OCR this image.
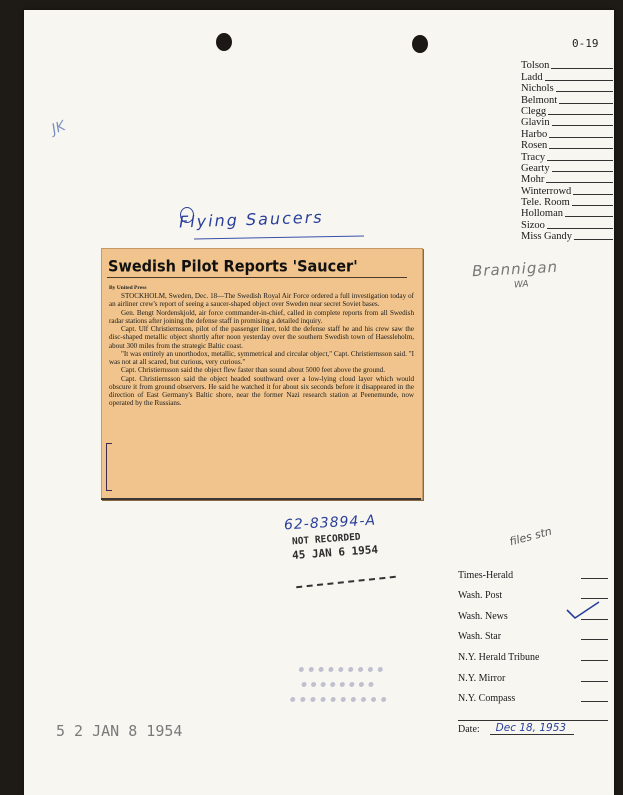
0-19
Tolson
Ladd
Nichols
Belmont
Clegg
Glavin
Harbo
Rosen
Tracy
Gearty
Mohr
Winterrowd
Tele. Room
Holloman
Sizoo
Miss Gandy
JK
Flying Saucers
Brannigan
WA
Swedish Pilot Reports 'Saucer'
By United Press

STOCKHOLM, Sweden, Dec. 18—The Swedish Royal Air Force ordered a full investigation today of an airliner crew's report of seeing a saucer-shaped object over Sweden near secret Soviet bases.

Gen. Bengt Nordenskjold, air force commander-in-chief, called in complete reports from all Swedish radar stations after joining the defense staff in promising a detailed inquiry.

Capt. Ulf Christiernsson, pilot of the passenger liner, told the defense staff he and his crew saw the disc-shaped metallic object shortly after noon yesterday over the southern Swedish town of Haessleholm, about 300 miles from the strategic Baltic coast.

"It was entirely an unorthodox, metallic, symmetrical and circular object," Capt. Christiernsson said. "I was not at all scared, but curious, very curious."

Capt. Christiernsson said the object flew faster than sound about 5000 feet above the ground.

Capt. Christiernsson said the object headed southward over a low-lying cloud layer which would obscure it from ground observers. He said he watched it for about six seconds before it disappeared in the direction of East Germany's Baltic shore, near the former Nazi research station at Peenemunde, now operated by the Russians.

62-83894-A
files stn
NOT RECORDED
45 JAN 6 1954
5 2 JAN 8 1954
Times-Herald
Wash. Post
Wash. News
Wash. Star
N.Y. Herald Tribune
N.Y. Mirror
N.Y. Compass
Date:	Dec 18, 1953
